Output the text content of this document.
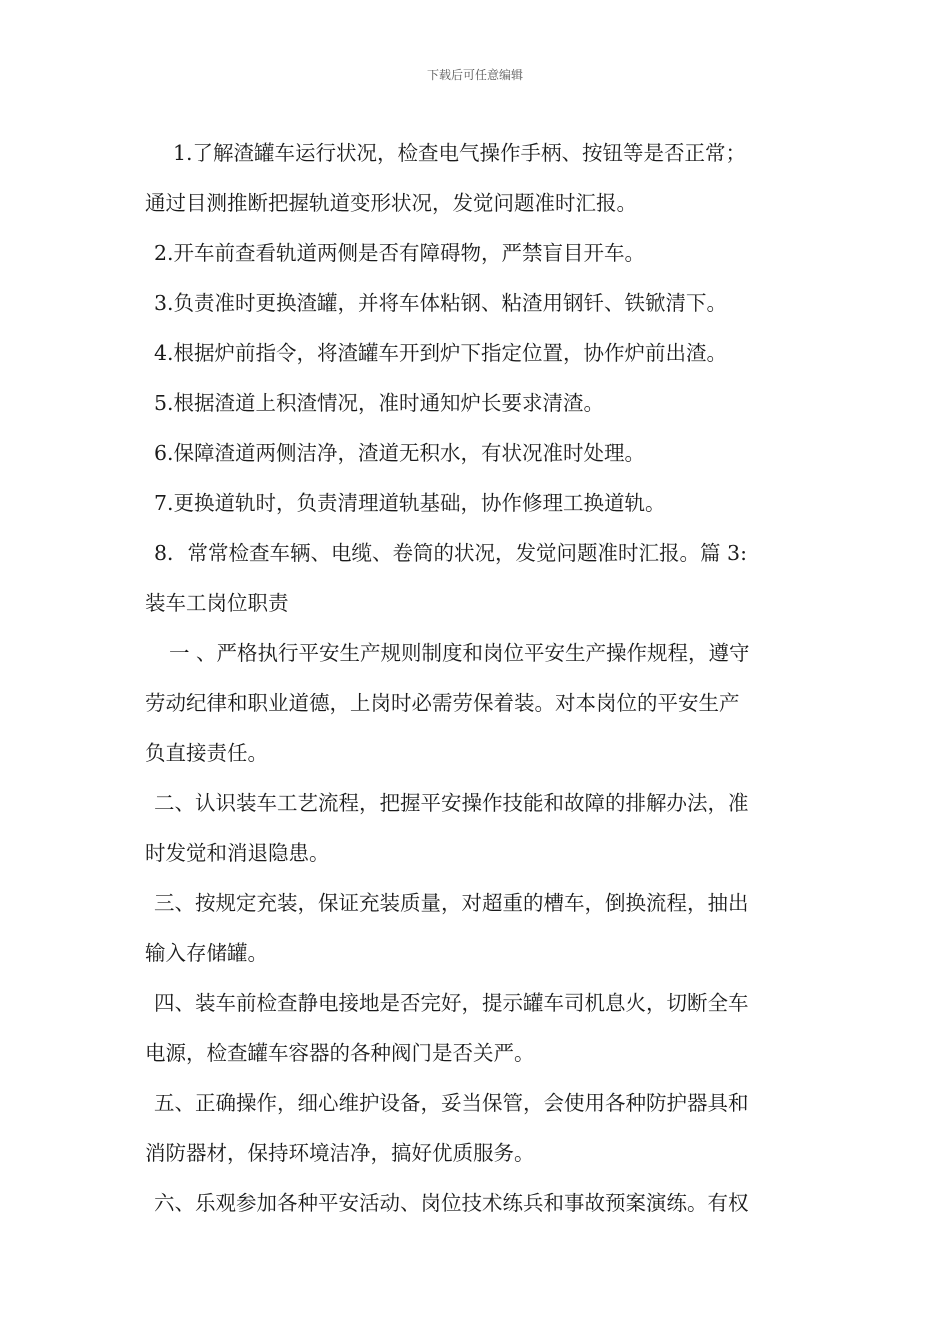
下载后可任意编辑
1.了解渣罐车运行状况，检查电气操作手柄、按钮等是否正常；
通过目测推断把握轨道变形状况，发觉问题准时汇报。
2.开车前查看轨道两侧是否有障碍物，严禁盲目开车。
3.负责准时更换渣罐，并将车体粘钢、粘渣用钢钎、铁锨清下。
4.根据炉前指令，将渣罐车开到炉下指定位置，协作炉前出渣。
5.根据渣道上积渣情况，准时通知炉长要求清渣。
6.保障渣道两侧洁净，渣道无积水，有状况准时处理。
7.更换道轨时，负责清理道轨基础，协作修理工换道轨。
8．常常检查车辆、电缆、卷筒的状况，发觉问题准时汇报。篇 3:
装车工岗位职责
一 、严格执行平安生产规则制度和岗位平安生产操作规程，遵守
劳动纪律和职业道德，上岗时必需劳保着装。对本岗位的平安生产
负直接责任。
二、认识装车工艺流程，把握平安操作技能和故障的排解办法，准
时发觉和消退隐患。
三、按规定充装，保证充装质量，对超重的槽车，倒换流程，抽出
输入存储罐。
四、装车前检查静电接地是否完好，提示罐车司机息火，切断全车
电源，检查罐车容器的各种阀门是否关严。
五、正确操作，细心维护设备，妥当保管，会使用各种防护器具和
消防器材，保持环境洁净，搞好优质服务。
六、乐观参加各种平安活动、岗位技术练兵和事故预案演练。有权
